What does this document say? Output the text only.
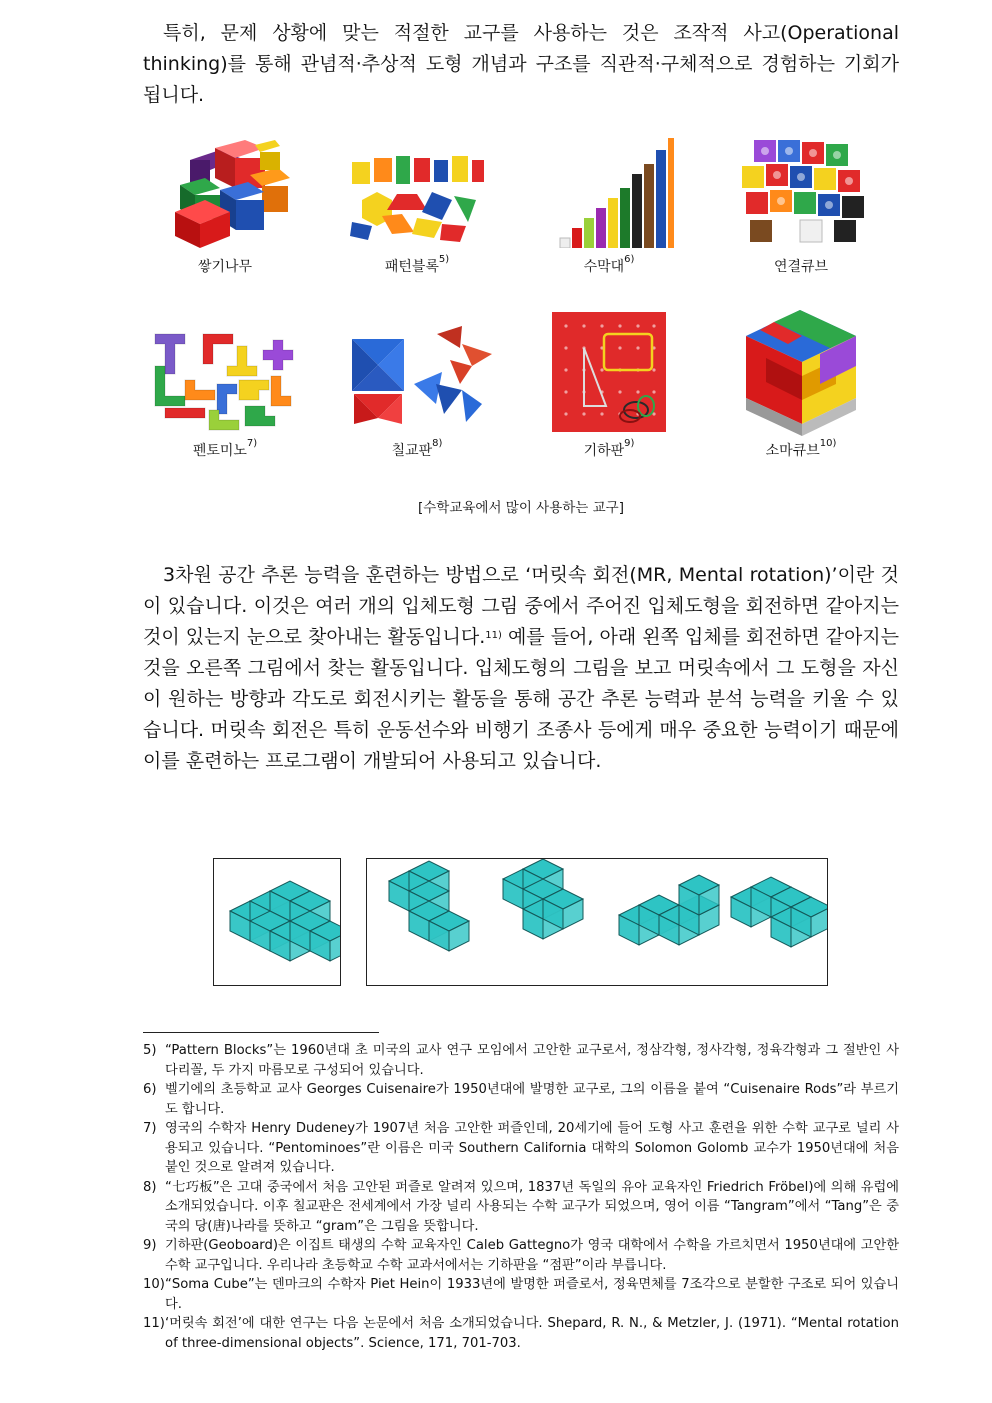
특히, 문제 상황에 맞는 적절한 교구를 사용하는 것은 조작적 사고(Operational thinking)를 통해 관념적·추상적 도형 개념과 구조를 직관적·구체적으로 경험하는 기회가 됩니다.

쌓기나무	패턴블록$^{5)}$	수막대$^{6)}$	연결큐브
펜토미노$^{7)}$	칠교판$^{8)}$	기하판$^{9)}$	소마큐브$^{10)}$
[수학교육에서 많이 사용하는 교구]

3차원 공간 추론 능력을 훈련하는 방법으로 ‘머릿속 회전(MR, Mental rotation)’이란 것이 있습니다. 이것은 여러 개의 입체도형 그림 중에서 주어진 입체도형을 회전하면 같아지는 것이 있는지 눈으로 찾아내는 활동입니다.$^{11)}$ 예를 들어, 아래 왼쪽 입체를 회전하면 같아지는 것을 오른쪽 그림에서 찾는 활동입니다. 입체도형의 그림을 보고 머릿속에서 그 도형을 자신이 원하는 방향과 각도로 회전시키는 활동을 통해 공간 추론 능력과 분석 능력을 키울 수 있습니다. 머릿속 회전은 특히 운동선수와 비행기 조종사 등에게 매우 중요한 능력이기 때문에 이를 훈련하는 프로그램이 개발되어 사용되고 있습니다.

5) “Pattern Blocks”는 1960년대 초 미국의 교사 연구 모임에서 고안한 교구로서, 정삼각형, 정사각형, 정육각형과 그 절반인 사다리꼴, 두 가지 마름모로 구성되어 있습니다.
6) 벨기에의 초등학교 교사 Georges Cuisenaire가 1950년대에 발명한 교구로, 그의 이름을 붙여 “Cuisenaire Rods”라 부르기도 합니다.
7) 영국의 수학자 Henry Dudeney가 1907년 처음 고안한 퍼즐인데, 20세기에 들어 도형 사고 훈련을 위한 수학 교구로 널리 사용되고 있습니다. “Pentominoes”란 이름은 미국 Southern California 대학의 Solomon Golomb 교수가 1950년대에 처음 붙인 것으로 알려져 있습니다.
8) “七巧板”은 고대 중국에서 처음 고안된 퍼즐로 알려져 있으며, 1837년 독일의 유아 교육자인 Friedrich Fröbel)에 의해 유럽에 소개되었습니다. 이후 칠교판은 전세계에서 가장 널리 사용되는 수학 교구가 되었으며, 영어 이름 “Tangram”에서 “Tang”은 중국의 당(唐)나라를 뜻하고 “gram”은 그림을 뜻합니다.
9) 기하판(Geoboard)은 이집트 태생의 수학 교육자인 Caleb Gattegno가 영국 대학에서 수학을 가르치면서 1950년대에 고안한 수학 교구입니다. 우리나라 초등학교 수학 교과서에서는 기하판을 “점판”이라 부릅니다.
10) “Soma Cube”는 덴마크의 수학자 Piet Hein이 1933년에 발명한 퍼즐로서, 정육면체를 7조각으로 분할한 구조로 되어 있습니다.
11) ‘머릿속 회전’에 대한 연구는 다음 논문에서 처음 소개되었습니다. Shepard, R. N., & Metzler, J. (1971). “Mental rotation of three-dimensional objects”. Science, 171, 701-703.
